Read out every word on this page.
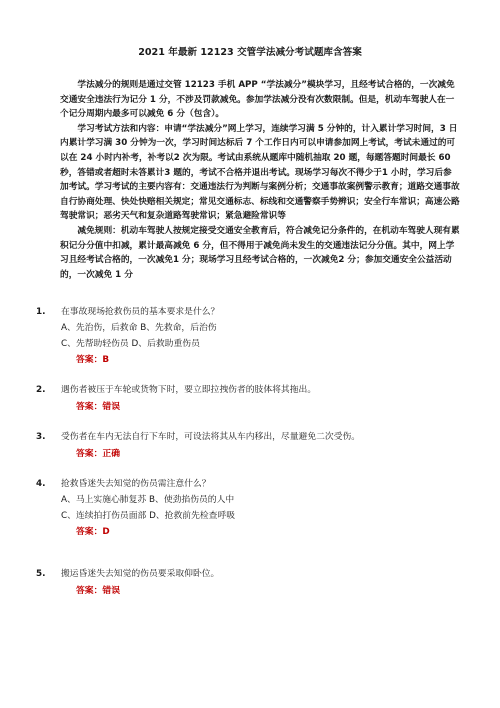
2021 年最新 12123 交管学法减分考试题库含答案

学法减分的规则是通过交管 12123 手机 APP “学法减分”模块学习，且经考试合格的，一次减免交通安全违法行为记分 1 分，不涉及罚款减免。参加学法减分没有次数限制。但是，机动车驾驶人在一个记分周期内最多可以减免 6 分（包含）。

学习考试方法和内容：申请“学法减分”网上学习，连续学习满 5 分钟的，计入累计学习时间，3 日内累计学习满 30 分钟为一次，学习时间达标后 7 个工作日内可以申请参加网上考试，考试未通过的可以在 24 小时内补考，补考以2 次为限。考试由系统从题库中随机抽取 20 题，每题答题时间最长 60 秒，答错或者超时未答累计3 题的，考试不合格并退出考试。现场学习每次不得少于1 小时，学习后参加考试。学习考试的主要内容有：交通违法行为判断与案例分析；交通事故案例警示教育；道路交通事故自行协商处理、快处快赔相关规定；常见交通标志、标线和交通警察手势辨识；安全行车常识；高速公路驾驶常识；恶劣天气和复杂道路驾驶常识；紧急避险常识等

减免规则：机动车驾驶人按规定接受交通安全教育后，符合减免记分条件的，在机动车驾驶人现有累积记分分值中扣减，累计最高减免 6 分，但不得用于减免尚未发生的交通违法记分分值。其中，网上学习且经考试合格的，一次减免1 分；现场学习且经考试合格的，一次减免2 分；参加交通安全公益活动的，一次减免 1 分

1. 在事故现场抢救伤员的基本要求是什么？
A、先治伤，后救命 B、先救命，后治伤
C、先帮助轻伤员 D、后救助重伤员
答案：B
2. 遇伤者被压于车轮或货物下时，要立即拉拽伤者的肢体将其拖出。
答案：错误
3. 受伤者在车内无法自行下车时，可设法将其从车内移出，尽量避免二次受伤。
答案：正确
4. 抢救昏迷失去知觉的伤员需注意什么？
A、马上实施心肺复苏 B、使劲掐伤员的人中
C、连续拍打伤员面部 D、抢救前先检查呼吸
答案：D
5. 搬运昏迷失去知觉的伤员要采取仰卧位。
答案：错误
